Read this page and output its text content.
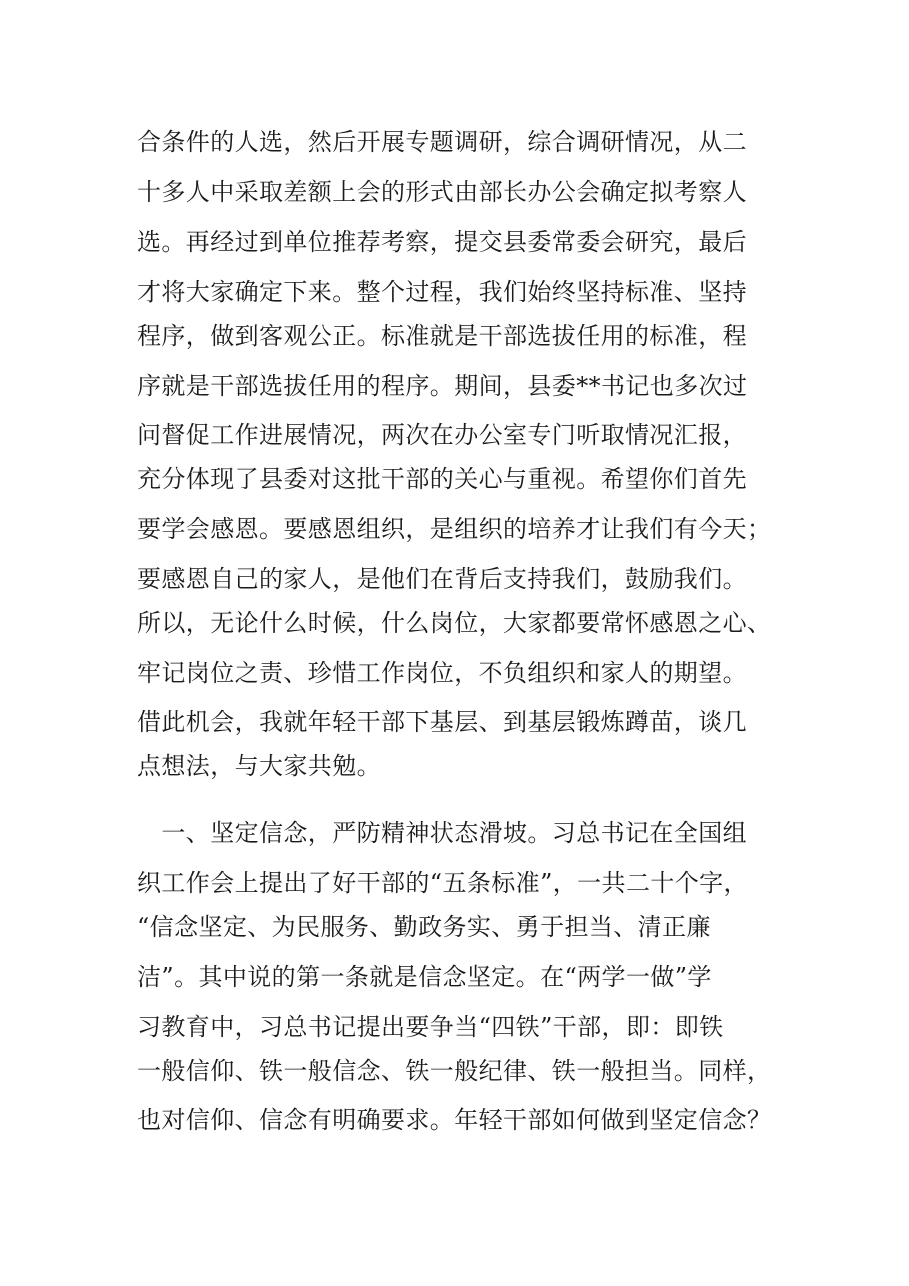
合条件的人选，然后开展专题调研，综合调研情况，从二
十多人中采取差额上会的形式由部长办公会确定拟考察人
选。再经过到单位推荐考察，提交县委常委会研究，最后
才将大家确定下来。整个过程，我们始终坚持标准、坚持
程序，做到客观公正。标准就是干部选拔任用的标准，程
序就是干部选拔任用的程序。期间，县委**书记也多次过
问督促工作进展情况，两次在办公室专门听取情况汇报，
充分体现了县委对这批干部的关心与重视。希望你们首先
要学会感恩。要感恩组织，是组织的培养才让我们有今天；
要感恩自己的家人，是他们在背后支持我们，鼓励我们。
所以，无论什么时候，什么岗位，大家都要常怀感恩之心、
牢记岗位之责、珍惜工作岗位，不负组织和家人的期望。
借此机会，我就年轻干部下基层、到基层锻炼蹲苗，谈几
点想法，与大家共勉。
　一、坚定信念，严防精神状态滑坡。习总书记在全国组
织工作会上提出了好干部的“五条标准”，一共二十个字，
“信念坚定、为民服务、勤政务实、勇于担当、清正廉
洁”。其中说的第一条就是信念坚定。在“两学一做”学
习教育中，习总书记提出要争当“四铁”干部，即：即铁
一般信仰、铁一般信念、铁一般纪律、铁一般担当。同样，
也对信仰、信念有明确要求。年轻干部如何做到坚定信念？
